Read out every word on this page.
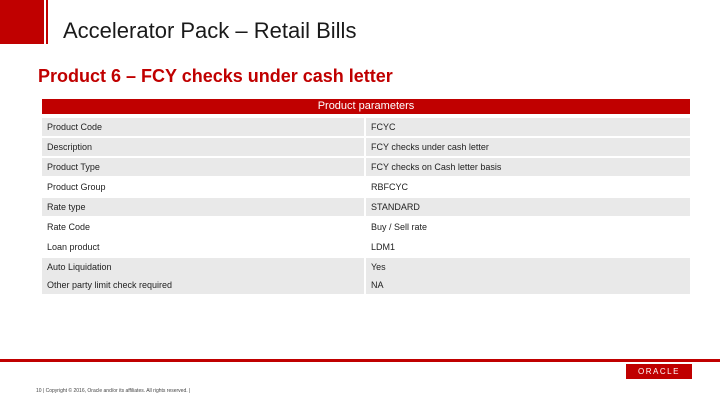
Accelerator Pack – Retail Bills
Product 6 – FCY checks under cash letter
Product parameters
Product Code	FCYC
Description	FCY checks under cash letter
Product Type	FCY checks on Cash letter basis
Product Group	RBFCYC
Rate type	STANDARD
Rate Code	Buy / Sell rate
Loan product	LDM1
Auto Liquidation	Yes
Other party limit check required	NA
ORACLE
10 | Copyright © 2016, Oracle and/or its affiliates. All rights reserved. |
